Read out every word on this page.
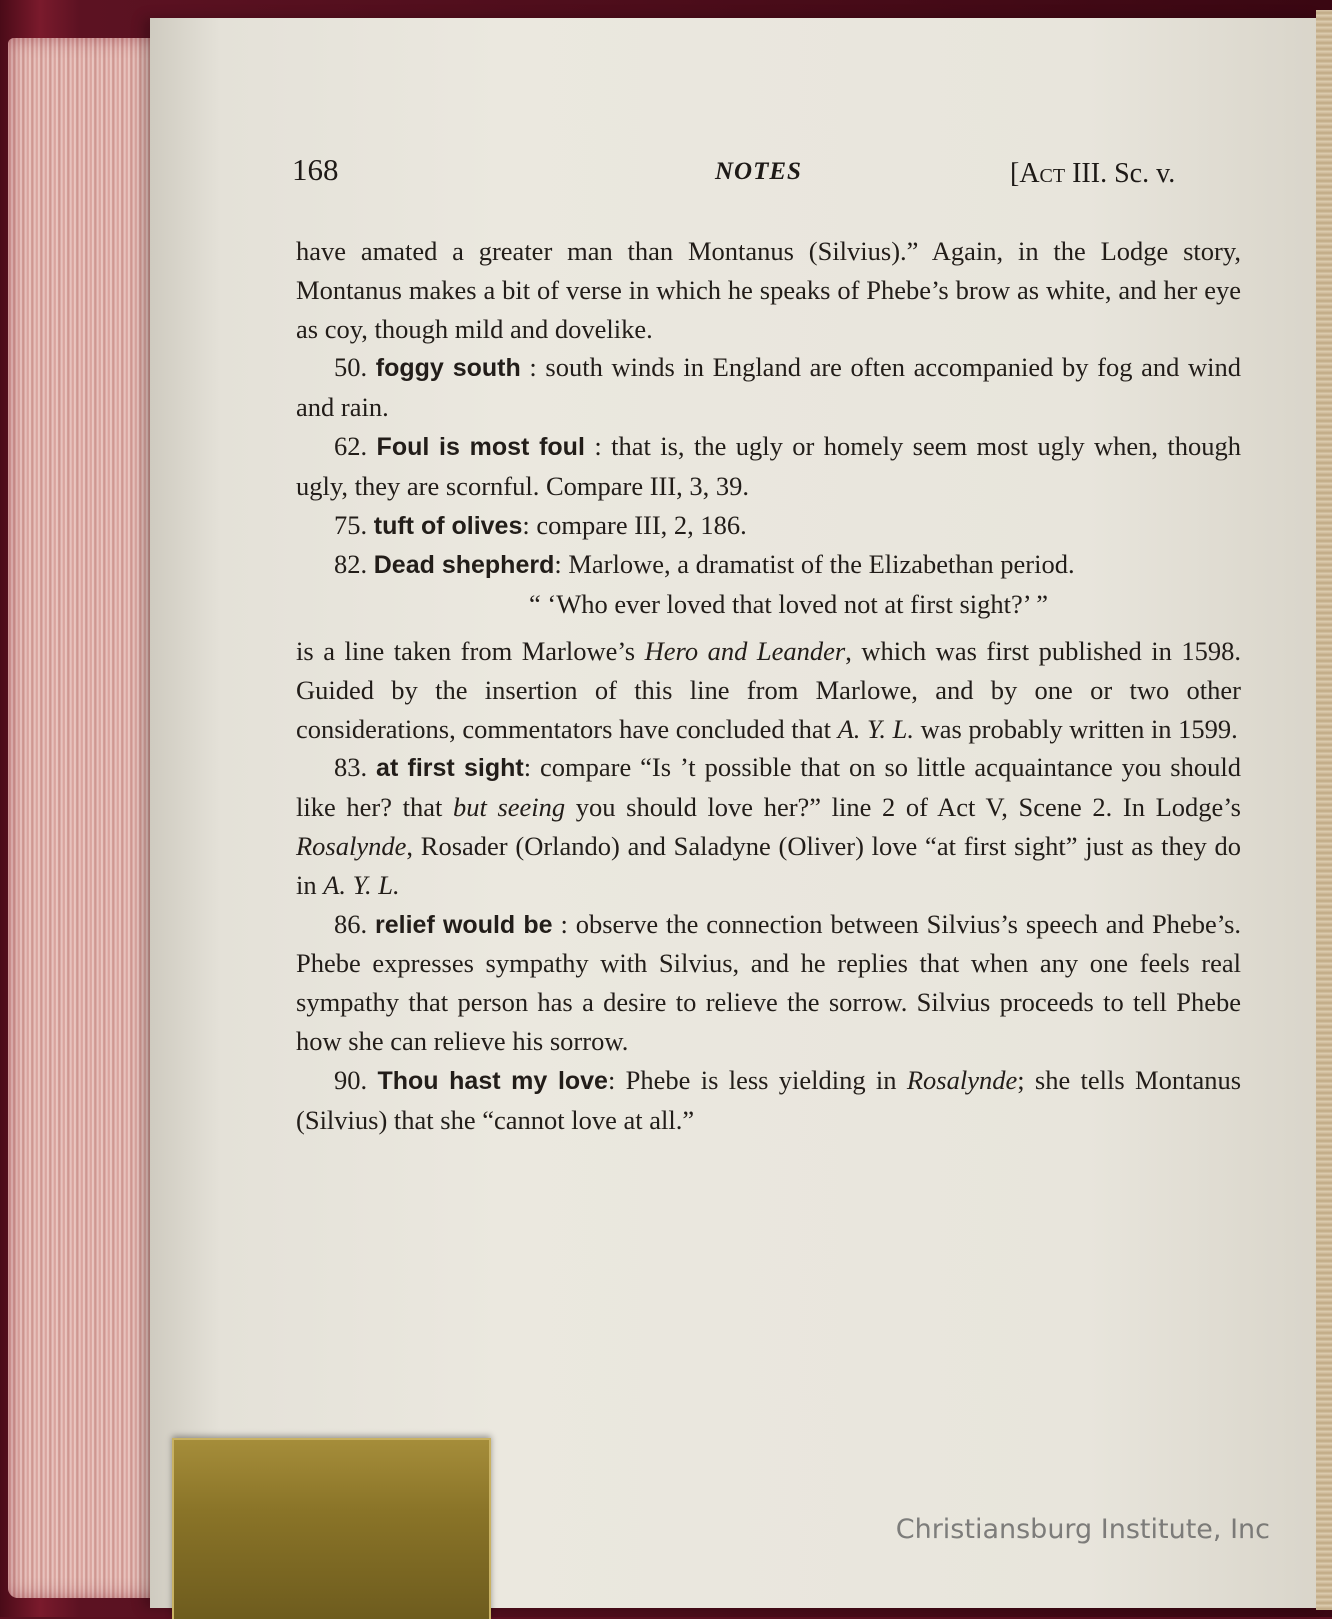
168	NOTES	[Act III. Sc. v.

have amated a greater man than Montanus (Silvius).” Again, in the Lodge story, Montanus makes a bit of verse in which he speaks of Phebe’s brow as white, and her eye as coy, though mild and dovelike.

50. foggy south : south winds in England are often accompanied by fog and wind and rain.

62. Foul is most foul : that is, the ugly or homely seem most ugly when, though ugly, they are scornful. Compare III, 3, 39.

75. tuft of olives: compare III, 2, 186.

82. Dead shepherd: Marlowe, a dramatist of the Elizabethan period.

“ ‘Who ever loved that loved not at first sight?’ ”

is a line taken from Marlowe’s Hero and Leander, which was first published in 1598. Guided by the insertion of this line from Marlowe, and by one or two other considerations, commentators have concluded that A. Y. L. was probably written in 1599.

83. at first sight: compare “Is ’t possible that on so little acquaintance you should like her? that but seeing you should love her?” line 2 of Act V, Scene 2. In Lodge’s Rosalynde, Rosader (Orlando) and Saladyne (Oliver) love “at first sight” just as they do in A. Y. L.

86. relief would be : observe the connection between Silvius’s speech and Phebe’s. Phebe expresses sympathy with Silvius, and he replies that when any one feels real sympathy that person has a desire to relieve the sorrow. Silvius proceeds to tell Phebe how she can relieve his sorrow.

90. Thou hast my love: Phebe is less yielding in Rosalynde; she tells Montanus (Silvius) that she “cannot love at all.”

Christiansburg Institute, Inc
